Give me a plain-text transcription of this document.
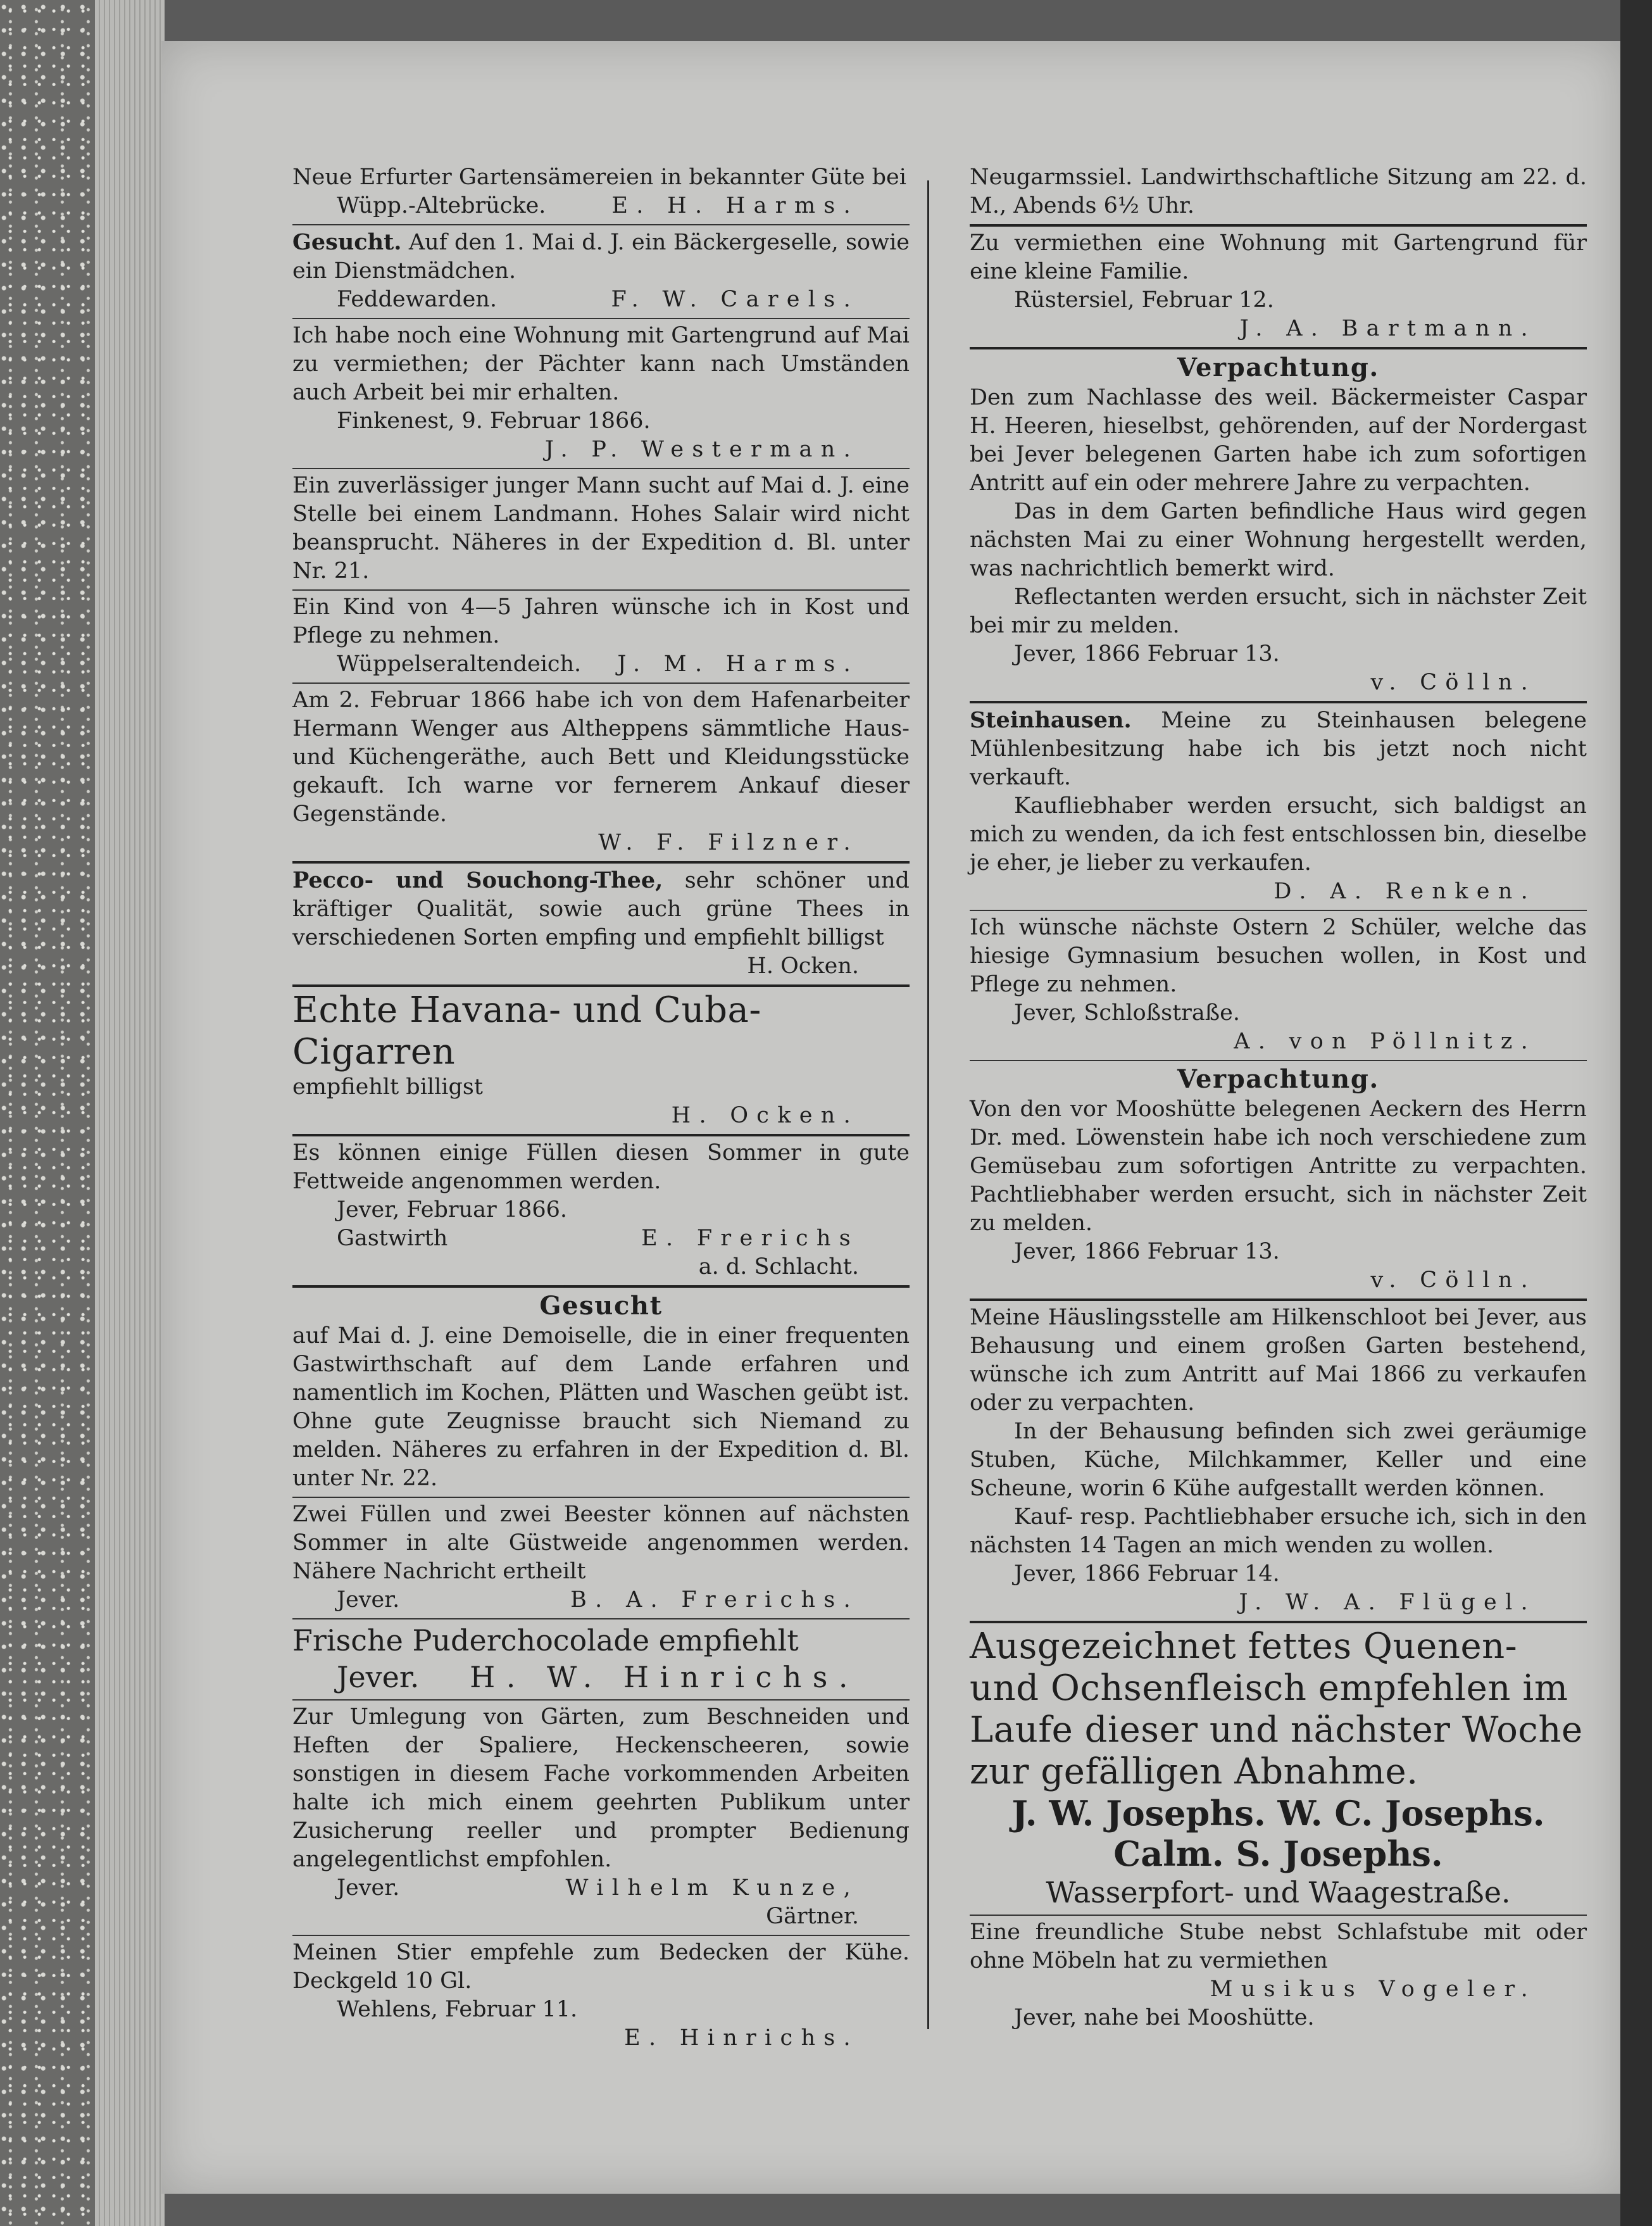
Neue Erfurter Gartensämereien in bekannter Güte bei

Wüpp.-Altebrücke.	E. H. Harms.

Gesucht. Auf den 1. Mai d. J. ein Bäckergeselle, sowie ein Dienstmädchen.

Feddewarden.	F. W. Carels.

Ich habe noch eine Wohnung mit Gartengrund auf Mai zu vermiethen; der Pächter kann nach Umständen auch Arbeit bei mir erhalten.

Finkenest, 9. Februar 1866.

J. P. Westerman.

Ein zuverlässiger junger Mann sucht auf Mai d. J. eine Stelle bei einem Landmann. Hohes Salair wird nicht beansprucht. Näheres in der Expedition d. Bl. unter Nr. 21.

Ein Kind von 4—5 Jahren wünsche ich in Kost und Pflege zu nehmen.

Wüppelseraltendeich. J. M. Harms.

Am 2. Februar 1866 habe ich von dem Hafenarbeiter Hermann Wenger aus Altheppens sämmtliche Haus- und Küchengeräthe, auch Bett und Kleidungsstücke gekauft. Ich warne vor fernerem Ankauf dieser Gegenstände.

W. F. Filzner.

Pecco- und Souchong-Thee, sehr schöner und kräftiger Qualität, sowie auch grüne Thees in verschiedenen Sorten empfing und empfiehlt billigst

H. Ocken.
Echte Havana- und Cuba-Cigarren

empfiehlt billigst

H. Ocken.

Es können einige Füllen diesen Sommer in gute Fettweide angenommen werden.

Jever, Februar 1866.

Gastwirth	E. Frerichs
a. d. Schlacht.
Gesucht

auf Mai d. J. eine Demoiselle, die in einer frequenten Gastwirthschaft auf dem Lande erfahren und namentlich im Kochen, Plätten und Waschen geübt ist. Ohne gute Zeugnisse braucht sich Niemand zu melden. Näheres zu erfahren in der Expedition d. Bl. unter Nr. 22.

Zwei Füllen und zwei Beester können auf nächsten Sommer in alte Güstweide angenommen werden. Nähere Nachricht ertheilt

Jever.	B. A. Frerichs.
Frische Puderchocolade empfiehlt
Jever. H. W. Hinrichs.

Zur Umlegung von Gärten, zum Beschneiden und Heften der Spaliere, Heckenscheeren, sowie sonstigen in diesem Fache vorkommenden Arbeiten halte ich mich einem geehrten Publikum unter Zusicherung reeller und prompter Bedienung angelegentlichst empfohlen.

Jever.	Wilhelm Kunze,
Gärtner.

Meinen Stier empfehle zum Bedecken der Kühe. Deckgeld 10 Gl.

Wehlens, Februar 11.

E. Hinrichs.

Neugarmssiel. Landwirthschaftliche Sitzung am 22. d. M., Abends 6½ Uhr.

Zu vermiethen eine Wohnung mit Gartengrund für eine kleine Familie.

Rüstersiel, Februar 12.

J. A. Bartmann.
Verpachtung.

Den zum Nachlasse des weil. Bäckermeister Caspar H. Heeren, hieselbst, gehörenden, auf der Nordergast bei Jever belegenen Garten habe ich zum sofortigen Antritt auf ein oder mehrere Jahre zu verpachten.

Das in dem Garten befindliche Haus wird gegen nächsten Mai zu einer Wohnung hergestellt werden, was nachrichtlich bemerkt wird.

Reflectanten werden ersucht, sich in nächster Zeit bei mir zu melden.

Jever, 1866 Februar 13.

v. Cölln.

Steinhausen. Meine zu Steinhausen belegene Mühlenbesitzung habe ich bis jetzt noch nicht verkauft.

Kaufliebhaber werden ersucht, sich baldigst an mich zu wenden, da ich fest entschlossen bin, dieselbe je eher, je lieber zu verkaufen.

D. A. Renken.

Ich wünsche nächste Ostern 2 Schüler, welche das hiesige Gymnasium besuchen wollen, in Kost und Pflege zu nehmen.

Jever, Schloßstraße.

A. von Pöllnitz.
Verpachtung.

Von den vor Mooshütte belegenen Aeckern des Herrn Dr. med. Löwenstein habe ich noch verschiedene zum Gemüsebau zum sofortigen Antritte zu verpachten. Pachtliebhaber werden ersucht, sich in nächster Zeit zu melden.

Jever, 1866 Februar 13.

v. Cölln.

Meine Häuslingsstelle am Hilkenschloot bei Jever, aus Behausung und einem großen Garten bestehend, wünsche ich zum Antritt auf Mai 1866 zu verkaufen oder zu verpachten.

In der Behausung befinden sich zwei geräumige Stuben, Küche, Milchkammer, Keller und eine Scheune, worin 6 Kühe aufgestallt werden können.

Kauf- resp. Pachtliebhaber ersuche ich, sich in den nächsten 14 Tagen an mich wenden zu wollen.

Jever, 1866 Februar 14.

J. W. A. Flügel.
Ausgezeichnet fettes Quenen- und Ochsenfleisch empfehlen im Laufe dieser und nächster Woche zur gefälligen Abnahme.
J. W. Josephs. W. C. Josephs.
Calm. S. Josephs.
Wasserpfort- und Waagestraße.

Eine freundliche Stube nebst Schlafstube mit oder ohne Möbeln hat zu vermiethen

Musikus Vogeler.
Jever, nahe bei Mooshütte.
